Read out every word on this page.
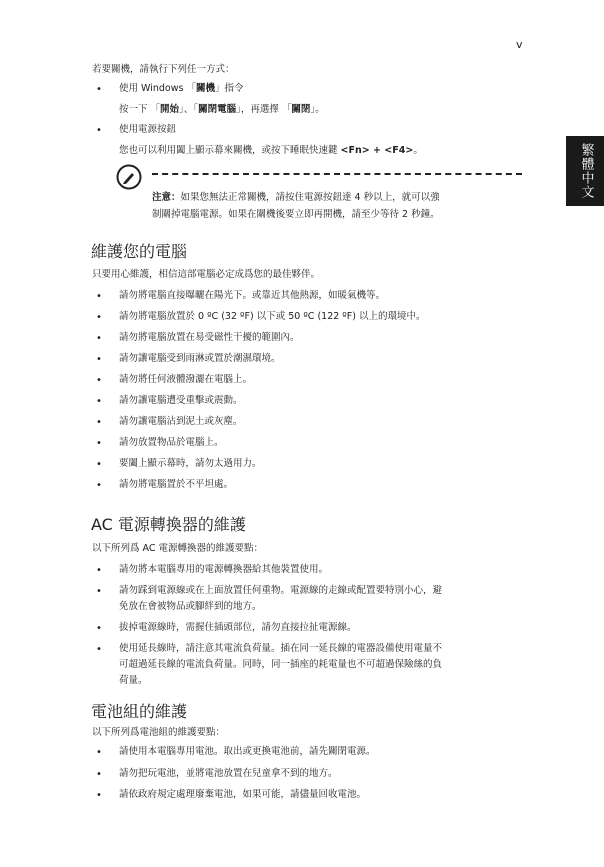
v
繁體中文
若要關機，請執行下列任一方式：
• 使用 Windows 「關機」指令
按一下 「開始」、「關閉電腦」，再選擇 「關閉」。
• 使用電源按鈕
您也可以利用闔上顯示幕來關機，或按下睡眠快速鍵 <Fn> + <F4>。
注意：如果您無法正常關機，請按住電源按鈕達 4 秒以上，就可以強
制關掉電腦電源。如果在關機後要立即再開機，請至少等待 2 秒鐘。
維護您的電腦
只要用心維護，相信這部電腦必定成爲您的最佳夥伴。
• 請勿將電腦直接曝曬在陽光下。或靠近其他熱源，如暖氣機等。
• 請勿將電腦放置於 0 ºC (32 ºF) 以下或 50 ºC (122 ºF) 以上的環境中。
• 請勿將電腦放置在易受磁性干擾的範圍內。
• 請勿讓電腦受到雨淋或置於潮濕環境。
• 請勿將任何液體潑灑在電腦上。
• 請勿讓電腦遭受重擊或震動。
• 請勿讓電腦沾到泥土或灰塵。
• 請勿放置物品於電腦上。
• 要闔上顯示幕時，請勿太過用力。
• 請勿將電腦置於不平坦處。
AC 電源轉換器的維護
以下所列爲 AC 電源轉換器的維護要點：
• 請勿將本電腦專用的電源轉換器給其他裝置使用。
• 請勿踩到電源線或在上面放置任何重物。電源線的走線或配置要特別小心，避
免放在會被物品或腳絆到的地方。
• 拔掉電源線時，需握住插頭部位，請勿直接拉扯電源線。
• 使用延長線時，請注意其電流負荷量。插在同一延長線的電器設備使用電量不
可超過延長線的電流負荷量。同時，同一插座的耗電量也不可超過保險絲的負
荷量。
電池組的維護
以下所列爲電池組的維護要點：
• 請使用本電腦專用電池。取出或更換電池前，請先關閉電源。
• 請勿把玩電池，並將電池放置在兒童拿不到的地方。
• 請依政府規定處理廢棄電池，如果可能，請儘量回收電池。
